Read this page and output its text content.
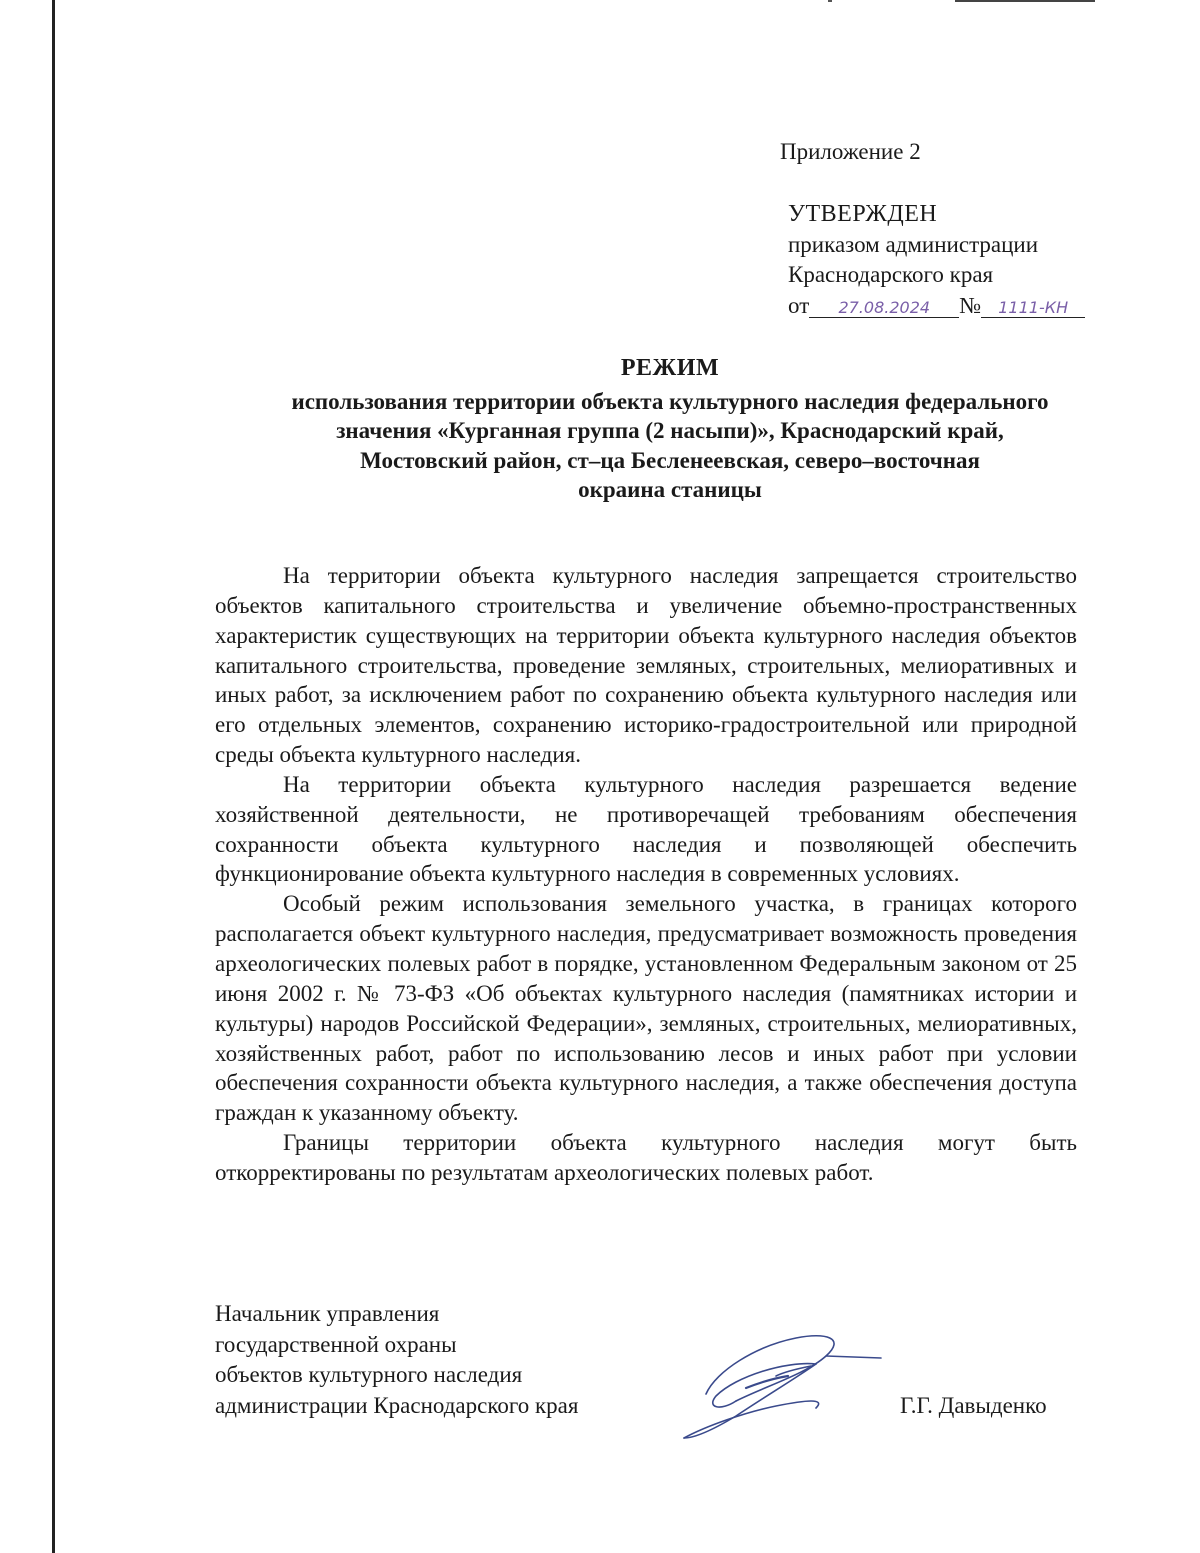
Приложение 2
УТВЕРЖДЕН
приказом администрации
Краснодарского края
от 27.08.2024 № 1111-КН
РЕЖИМ
использования территории объекта культурного наследия федерального
значения «Курганная группа (2 насыпи)», Краснодарский край,
Мостовский район, ст–ца Бесленеевская, северо–восточная
окраина станицы

На территории объекта культурного наследия запрещается строительство объектов капитального строительства и увеличение объемно-пространственных характеристик существующих на территории объекта культурного наследия объектов капитального строительства, проведение земляных, строительных, мелиоративных и иных работ, за исключением работ по сохранению объекта культурного наследия или его отдельных элементов, сохранению историко-градостроительной или природной среды объекта культурного наследия.

На территории объекта культурного наследия разрешается ведение хозяйственной деятельности, не противоречащей требованиям обеспечения сохранности объекта культурного наследия и позволяющей обеспечить функционирование объекта культурного наследия в современных условиях.

Особый режим использования земельного участка, в границах которого располагается объект культурного наследия, предусматривает возможность проведения археологических полевых работ в порядке, установленном Федеральным законом от 25 июня 2002 г. № 73-ФЗ «Об объектах культурного наследия (памятниках истории и культуры) народов Российской Федерации», земляных, строительных, мелиоративных, хозяйственных работ, работ по использованию лесов и иных работ при условии обеспечения сохранности объекта культурного наследия, а также обеспечения доступа граждан к указанному объекту.

Границы территории объекта культурного наследия могут быть откорректированы по результатам археологических полевых работ.

Начальник управления
государственной охраны
объектов культурного наследия
администрации Краснодарского края	Г.Г. Давыденко
